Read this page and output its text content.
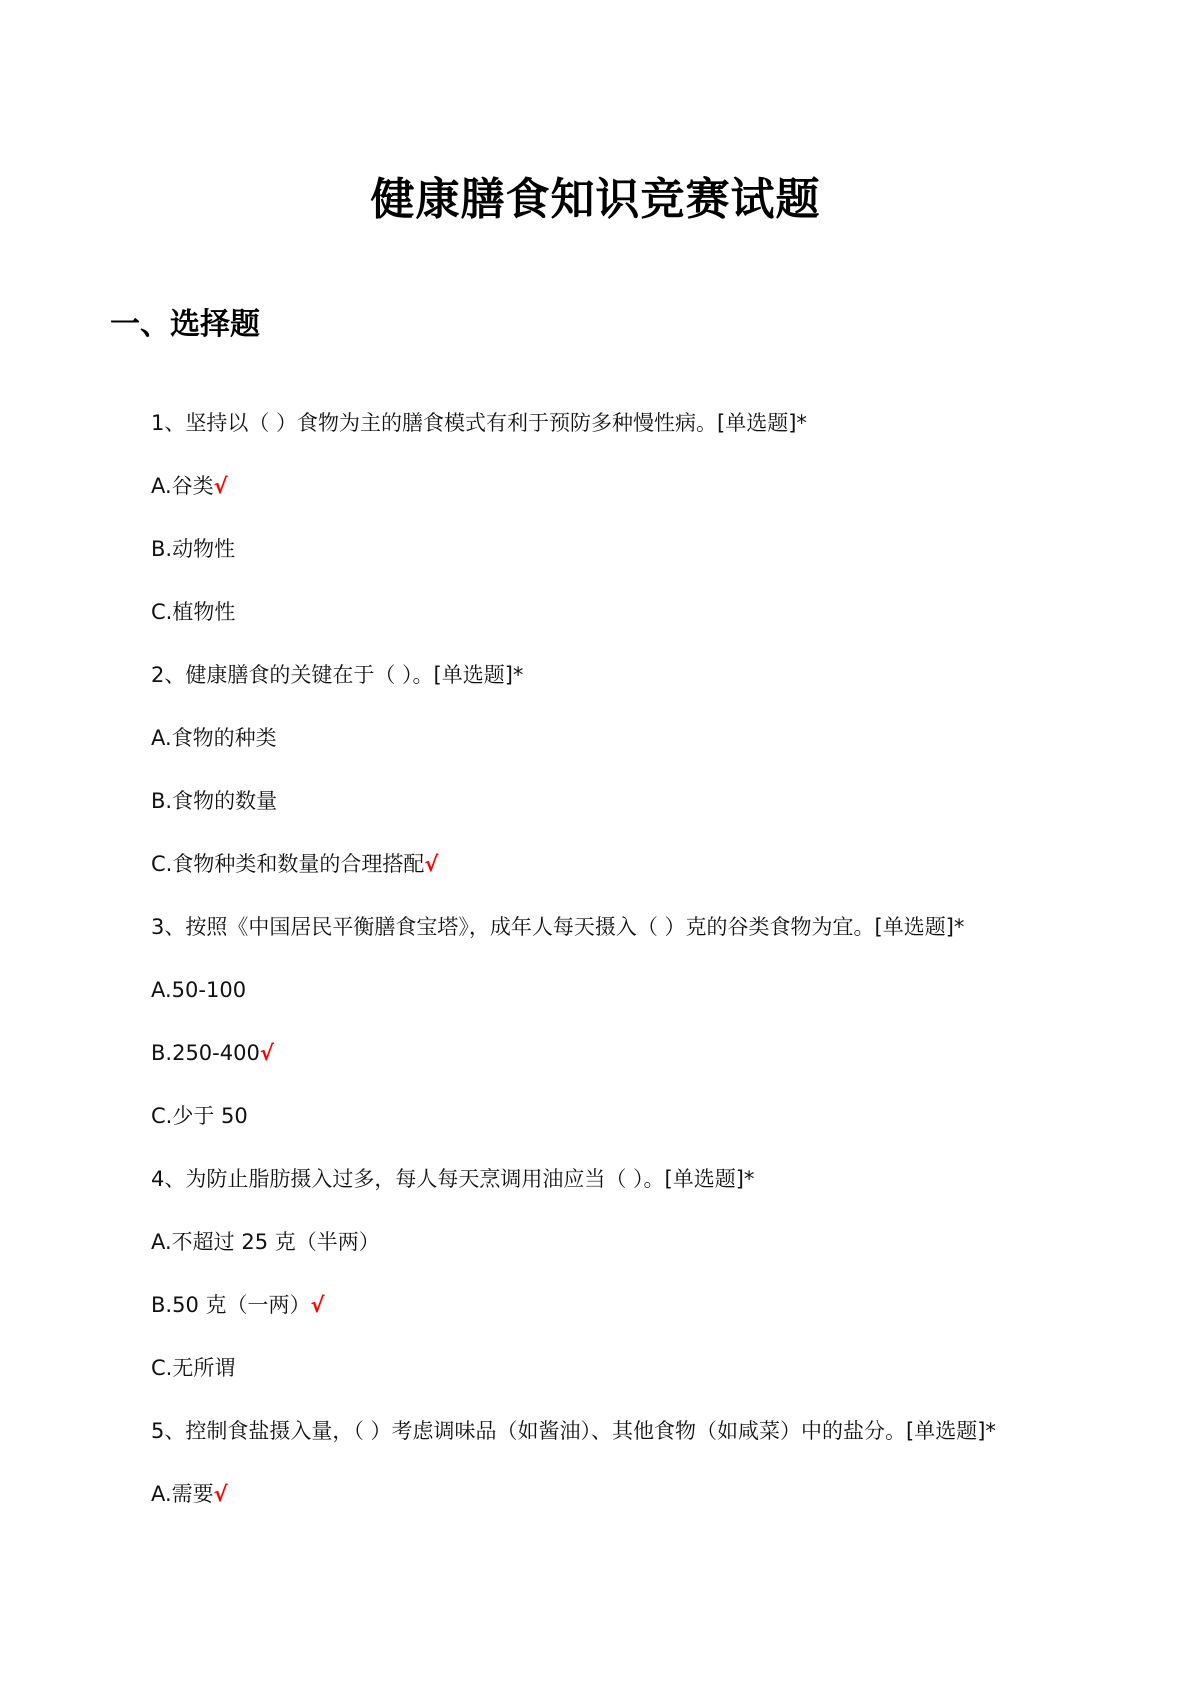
健康膳食知识竞赛试题
一、选择题
1、坚持以（ ）食物为主的膳食模式有利于预防多种慢性病。[单选题]*
A.谷类√
B.动物性
C.植物性
2、健康膳食的关键在于（ ）。[单选题]*
A.食物的种类
B.食物的数量
C.食物种类和数量的合理搭配√
3、按照《中国居民平衡膳食宝塔》，成年人每天摄入（ ）克的谷类食物为宜。[单选题]*
A.50-100
B.250-400√
C.少于 50
4、为防止脂肪摄入过多，每人每天烹调用油应当（ ）。[单选题]*
A.不超过 25 克（半两）
B.50 克（一两）√
C.无所谓
5、控制食盐摄入量，（ ）考虑调味品（如酱油）、其他食物（如咸菜）中的盐分。[单选题]*
A.需要√
